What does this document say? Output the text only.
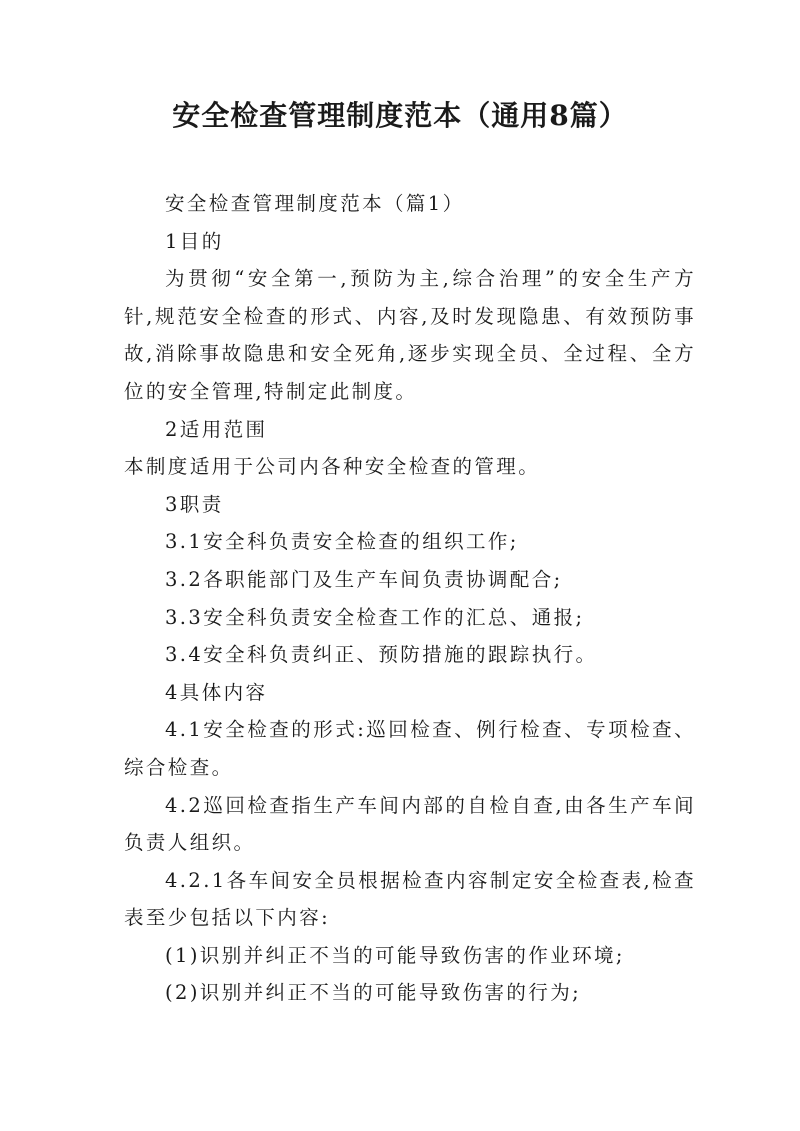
安全检查管理制度范本（通用8篇）

安全检查管理制度范本（篇1）

1目的

为贯彻“安全第一,预防为主,综合治理”的安全生产方针,规范安全检查的形式、内容,及时发现隐患、有效预防事故,消除事故隐患和安全死角,逐步实现全员、全过程、全方位的安全管理,特制定此制度。

2适用范围

本制度适用于公司内各种安全检查的管理。

3职责

3.1安全科负责安全检查的组织工作;

3.2各职能部门及生产车间负责协调配合;

3.3安全科负责安全检查工作的汇总、通报;

3.4安全科负责纠正、预防措施的跟踪执行。

4具体内容

4.1安全检查的形式:巡回检查、例行检查、专项检查、综合检查。

4.2巡回检查指生产车间内部的自检自查,由各生产车间负责人组织。

4.2.1各车间安全员根据检查内容制定安全检查表,检查表至少包括以下内容:

(1)识别并纠正不当的可能导致伤害的作业环境;

(2)识别并纠正不当的可能导致伤害的行为;
